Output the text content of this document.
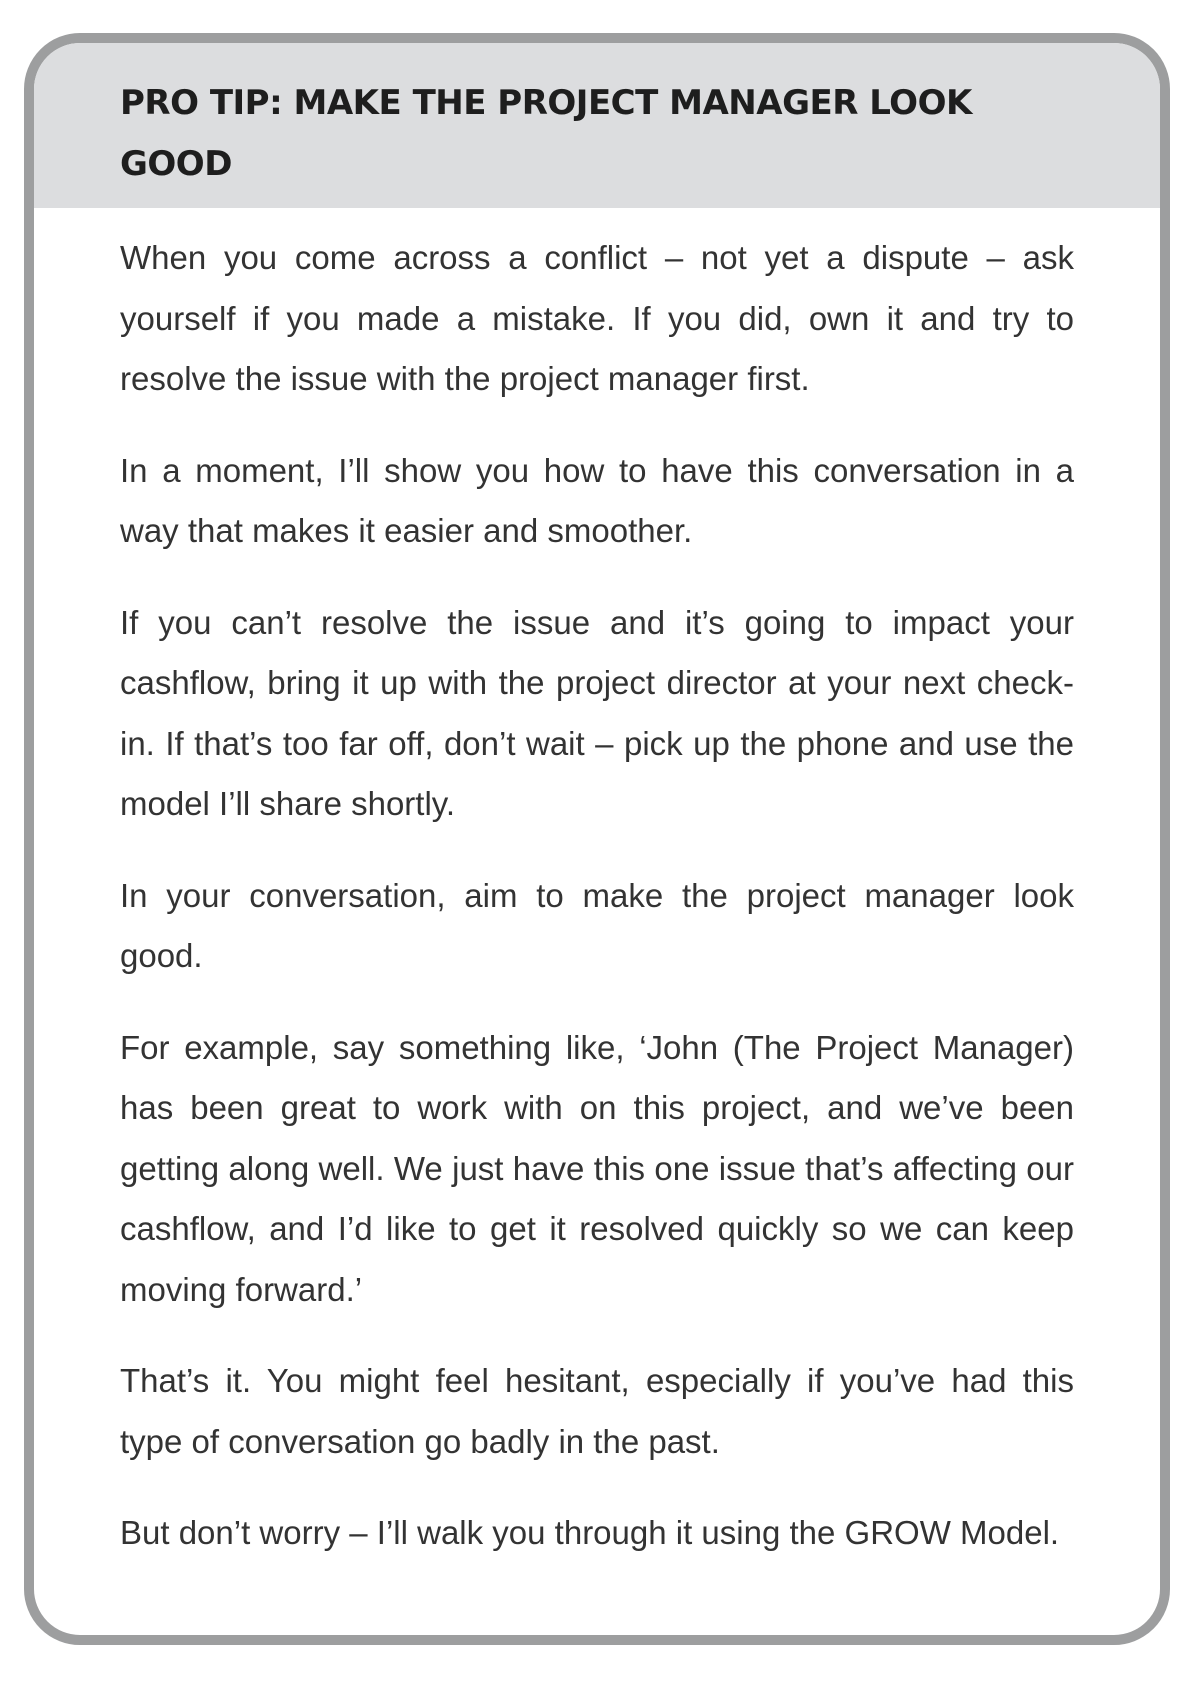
PRO TIP: MAKE THE PROJECT MANAGER LOOK GOOD

When you come across a conflict – not yet a dispute – ask yourself if you made a mistake. If you did, own it and try to resolve the issue with the project manager first.

In a moment, I’ll show you how to have this conversation in a way that makes it easier and smoother.

If you can’t resolve the issue and it’s going to impact your cashflow, bring it up with the project director at your next check-in. If that’s too far off, don’t wait – pick up the phone and use the model I’ll share shortly.

In your conversation, aim to make the project manager look good.

For example, say something like, ‘John (The Project Manager) has been great to work with on this project, and we’ve been getting along well. We just have this one issue that’s affecting our cashflow, and I’d like to get it resolved quickly so we can keep moving forward.’

That’s it. You might feel hesitant, especially if you’ve had this type of conversation go badly in the past.

But don’t worry – I’ll walk you through it using the GROW Model.
